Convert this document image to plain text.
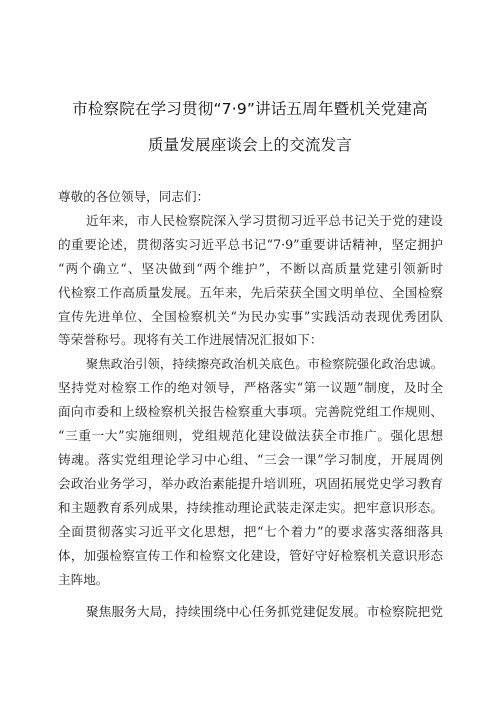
市检察院在学习贯彻“7·9”讲话五周年暨机关党建高
质量发展座谈会上的交流发言
尊敬的各位领导，同志们：
近年来，市人民检察院深入学习贯彻习近平总书记关于党的建设
的重要论述，贯彻落实习近平总书记“7·9”重要讲话精神，坚定拥护
“两个确立“、坚决做到“两个维护”，不断以高质量党建引领新时
代检察工作高质量发展。五年来，先后荣获全国文明单位、全国检察
宣传先进单位、全国检察机关“为民办实事”实践活动表现优秀团队
等荣誉称号。现将有关工作进展情况汇报如下：
聚焦政治引领，持续擦亮政治机关底色。市检察院强化政治忠诚。
坚持党对检察工作的绝对领导，严格落实“第一议题”制度，及时全
面向市委和上级检察机关报告检察重大事项。完善院党组工作规则、
“三重一大”实施细则，党组规范化建设做法获全市推广。强化思想
铸魂。落实党组理论学习中心组、“三会一课”学习制度，开展周例
会政治业务学习，举办政治素能提升培训班，巩固拓展党史学习教育
和主题教育系列成果，持续推动理论武装走深走实。把牢意识形态。
全面贯彻落实习近平文化思想，把“七个着力”的要求落实落细落具
体，加强检察宣传工作和检察文化建设，管好守好检察机关意识形态
主阵地。
聚焦服务大局，持续围绕中心任务抓党建促发展。市检察院把党
